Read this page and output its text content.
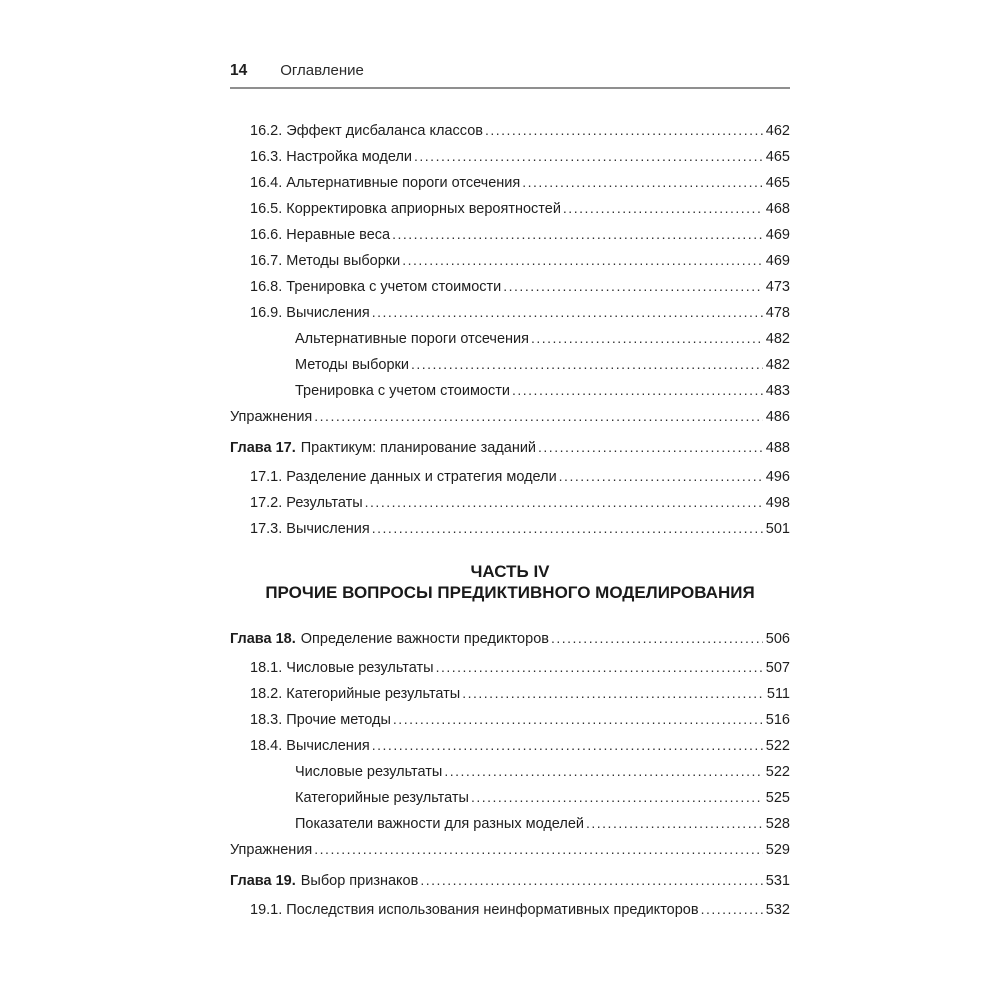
14 Оглавление
16.2. Эффект дисбаланса классов .....	462
16.3. Настройка модели .....	465
16.4. Альтернативные пороги отсечения .....	465
16.5. Корректировка априорных вероятностей .....	468
16.6. Неравные веса .....	469
16.7. Методы выборки .....	469
16.8. Тренировка с учетом стоимости .....	473
16.9. Вычисления .....	478
Альтернативные пороги отсечения .....	482
Методы выборки .....	482
Тренировка с учетом стоимости .....	483
Упражнения .....	486
Глава 17. Практикум: планирование заданий .....	488
17.1. Разделение данных и стратегия модели .....	496
17.2. Результаты .....	498
17.3. Вычисления .....	501
ЧАСТЬ IV
ПРОЧИЕ ВОПРОСЫ ПРЕДИКТИВНОГО МОДЕЛИРОВАНИЯ
Глава 18. Определение важности предикторов .....	506
18.1. Числовые результаты .....	507
18.2. Категорийные результаты .....	511
18.3. Прочие методы .....	516
18.4. Вычисления .....	522
Числовые результаты .....	522
Категорийные результаты .....	525
Показатели важности для разных моделей .....	528
Упражнения .....	529
Глава 19. Выбор признаков .....	531
19.1. Последствия использования неинформативных предикторов .....	532
